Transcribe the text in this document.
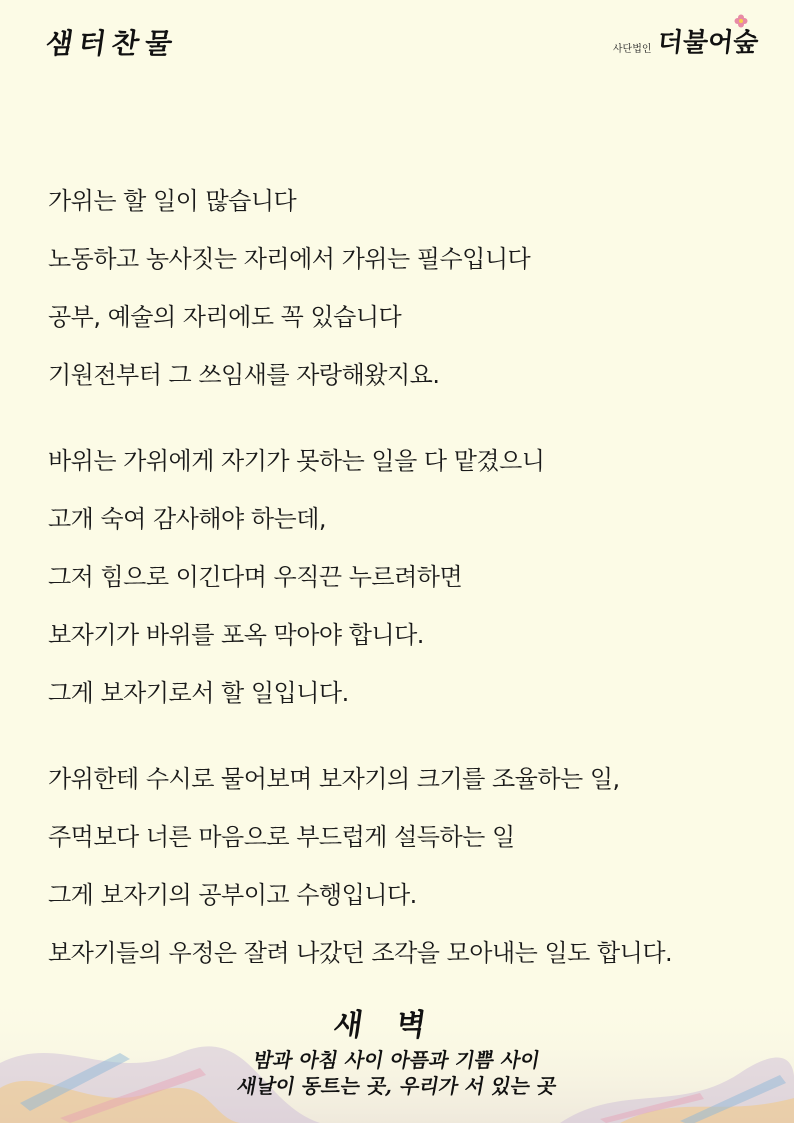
샘터찬물	사단법인 더불어숲
가위는 할 일이 많습니다
노동하고 농사짓는 자리에서 가위는 필수입니다
공부, 예술의 자리에도 꼭 있습니다
기원전부터 그 쓰임새를 자랑해왔지요.
바위는 가위에게 자기가 못하는 일을 다 맡겼으니
고개 숙여 감사해야 하는데,
그저 힘으로 이긴다며 우직끈 누르려하면
보자기가 바위를 포옥 막아야 합니다.
그게 보자기로서 할 일입니다.
가위한테 수시로 물어보며 보자기의 크기를 조율하는 일,
주먹보다 너른 마음으로 부드럽게 설득하는 일
그게 보자기의 공부이고 수행입니다.
보자기들의 우정은 잘려 나갔던 조각을 모아내는 일도 합니다.
새벽
밤과 아침 사이 아픔과 기쁨 사이
새날이 동트는 곳, 우리가 서 있는 곳
